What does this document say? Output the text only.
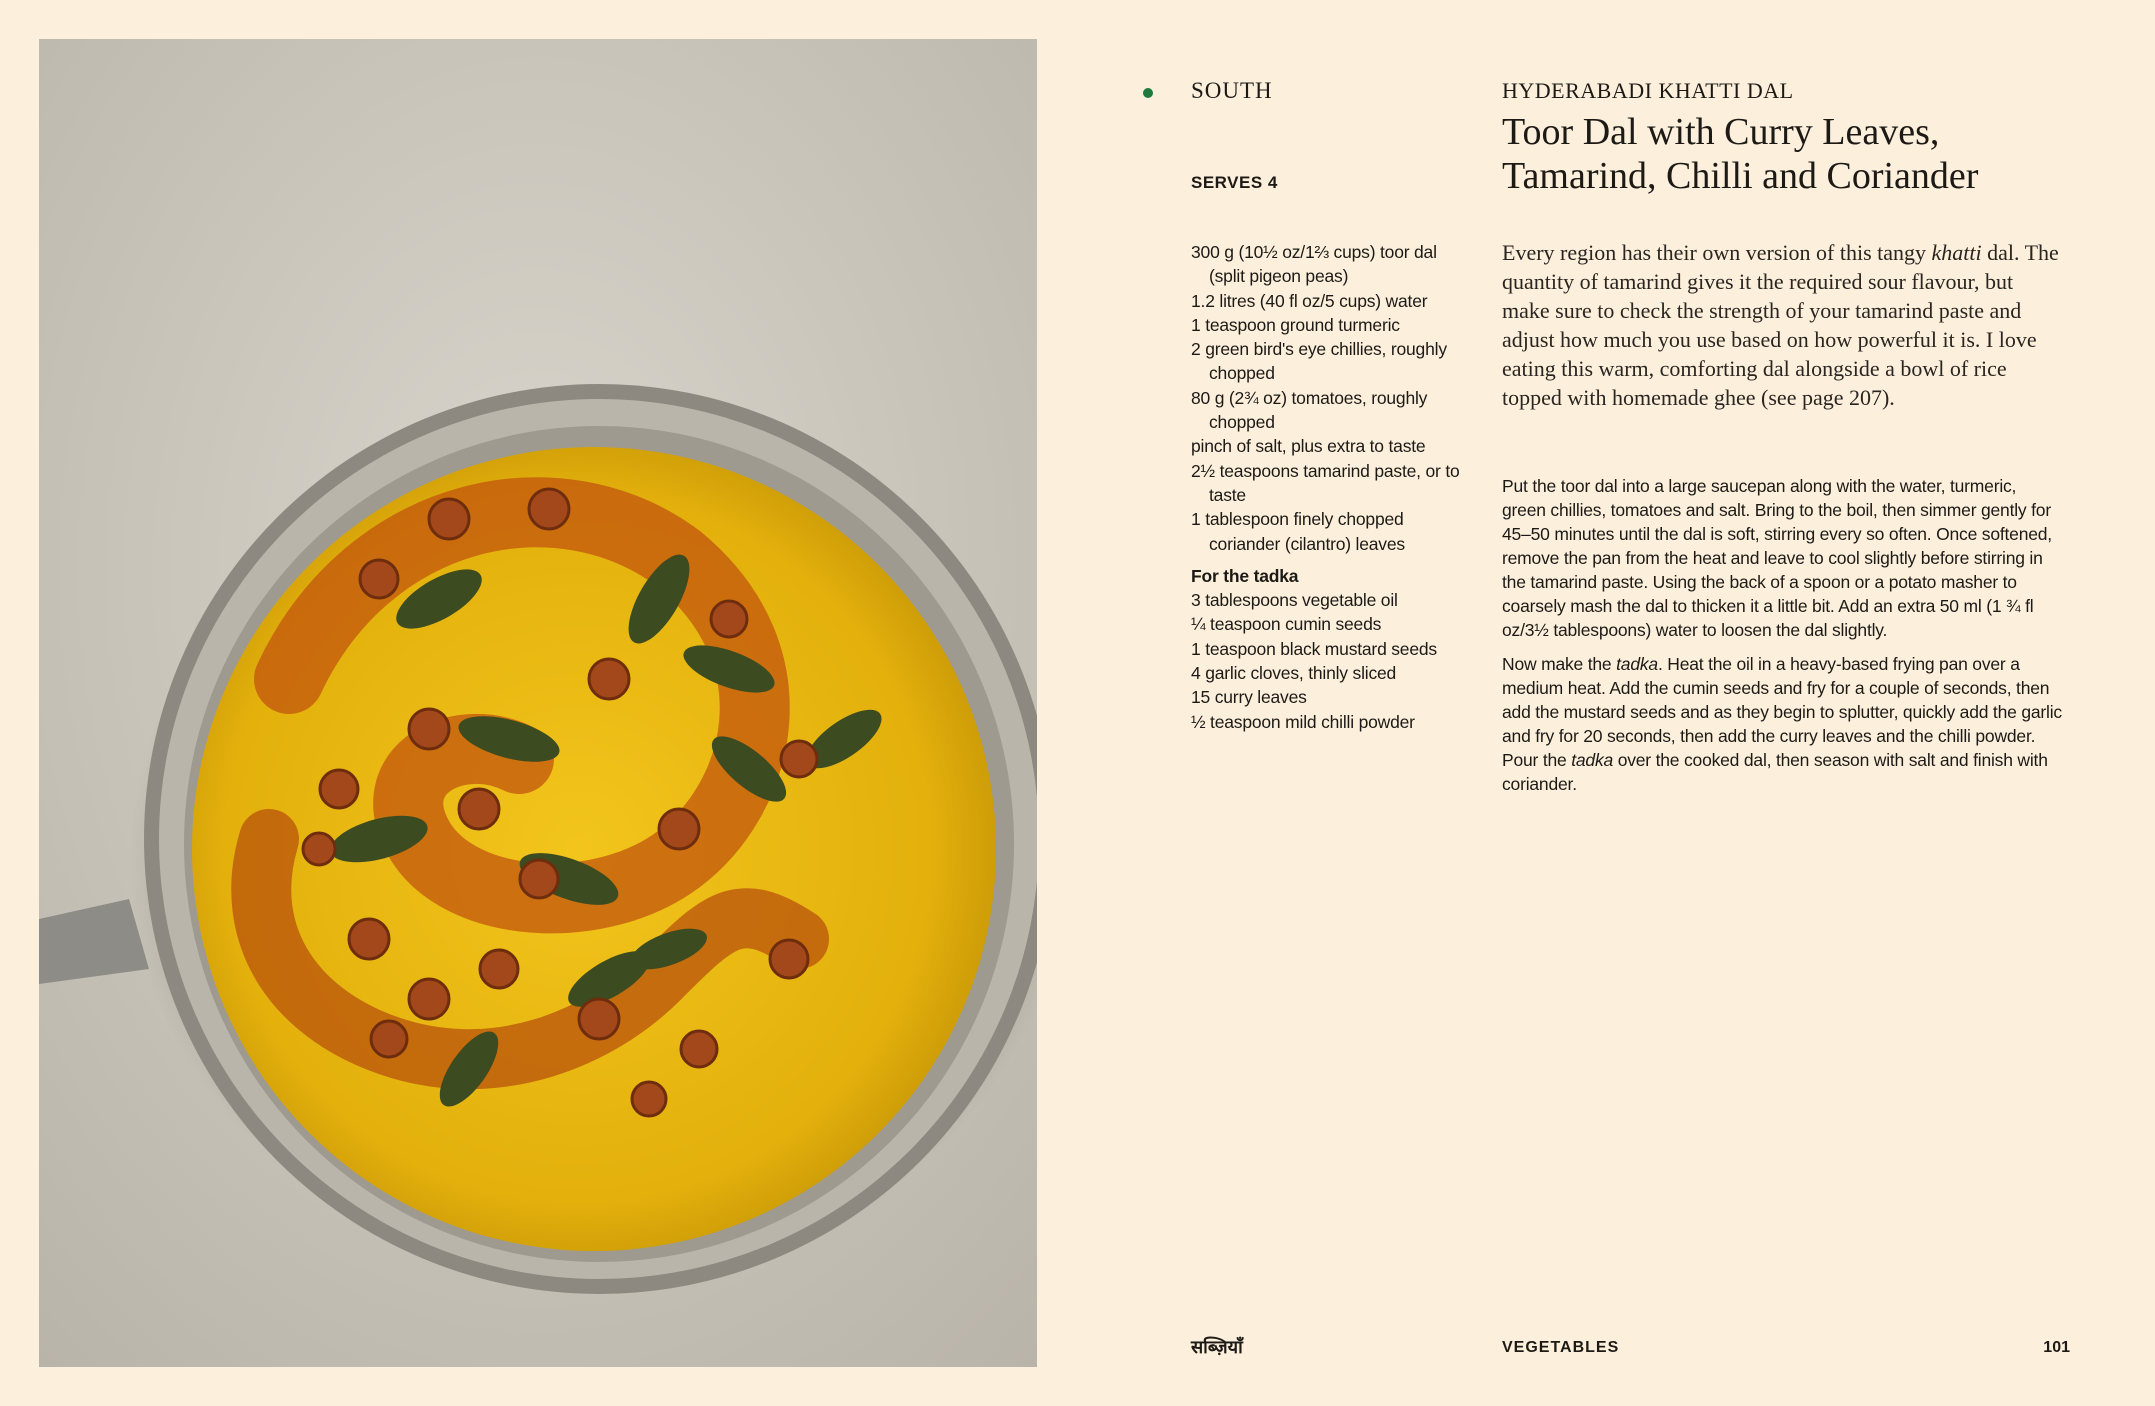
SOUTH
SERVES 4

300 g (10½ oz/1⅔ cups) toor dal (split pigeon peas)

1.2 litres (40 fl oz/5 cups) water

1 teaspoon ground turmeric

2 green bird's eye chillies, roughly chopped

80 g (2¾ oz) tomatoes, roughly chopped

pinch of salt, plus extra to taste

2½ teaspoons tamarind paste, or to taste

1 tablespoon finely chopped coriander (cilantro) leaves

For the tadka

3 tablespoons vegetable oil

¼ teaspoon cumin seeds

1 teaspoon black mustard seeds

4 garlic cloves, thinly sliced

15 curry leaves

½ teaspoon mild chilli powder

HYDERABADI KHATTI DAL
Toor Dal with Curry Leaves,
Tamarind, Chilli and Coriander

Every region has their own version of this tangy khatti dal. The quantity of tamarind gives it the required sour flavour, but make sure to check the strength of your tamarind paste and adjust how much you use based on how powerful it is. I love eating this warm, comforting dal alongside a bowl of rice topped with homemade ghee (see page 207).

Put the toor dal into a large saucepan along with the water, turmeric, green chillies, tomatoes and salt. Bring to the boil, then simmer gently for 45–50 minutes until the dal is soft, stirring every so often. Once softened, remove the pan from the heat and leave to cool slightly before stirring in the tamarind paste. Using the back of a spoon or a potato masher to coarsely mash the dal to thicken it a little bit. Add an extra 50 ml (1 ¾ fl oz/3½ tablespoons) water to loosen the dal slightly.

Now make the tadka. Heat the oil in a heavy-based frying pan over a medium heat. Add the cumin seeds and fry for a couple of seconds, then add the mustard seeds and as they begin to splutter, quickly add the garlic and fry for 20 seconds, then add the curry leaves and the chilli powder. Pour the tadka over the cooked dal, then season with salt and finish with coriander.

सब्ज़ियाँ	VEGETABLES	101
